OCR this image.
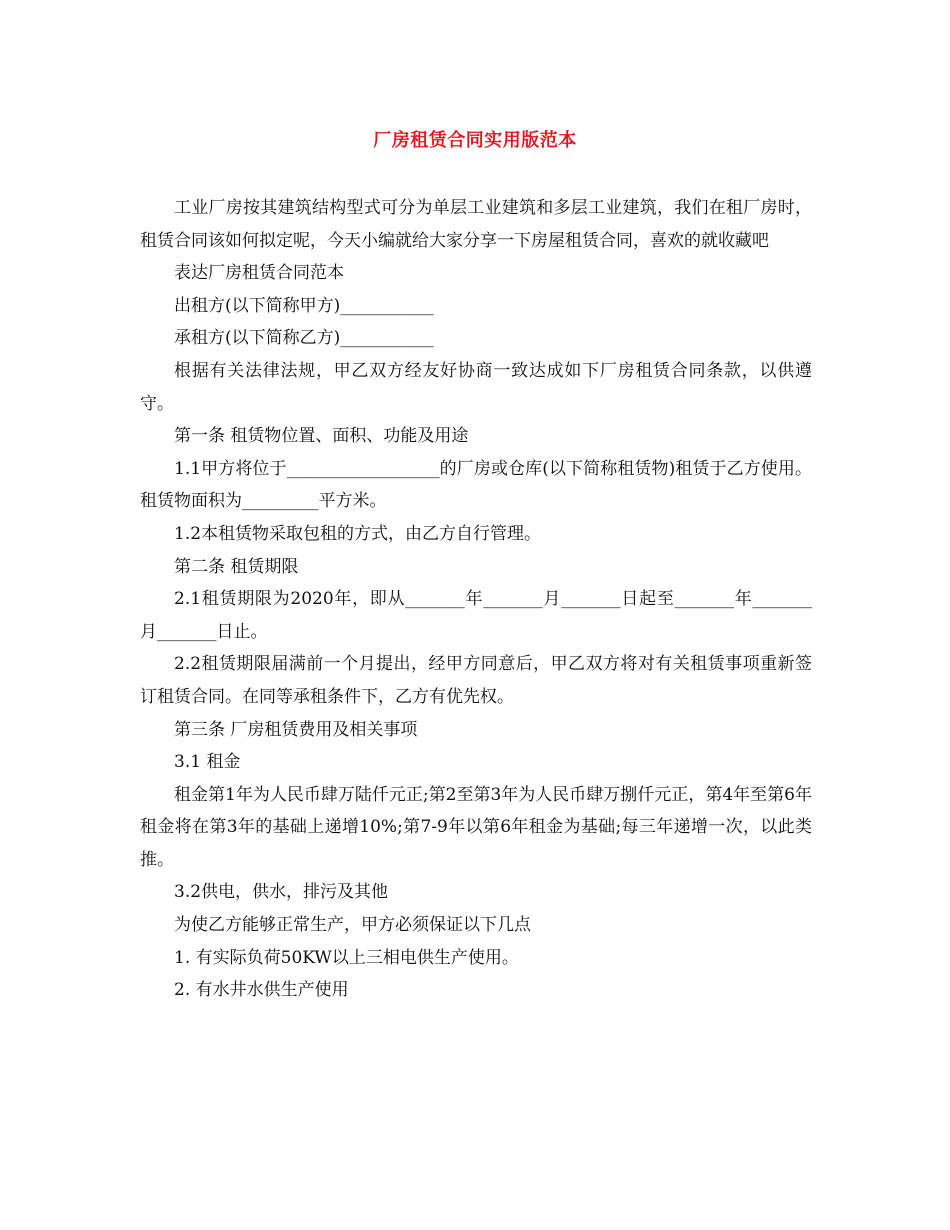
厂房租赁合同实用版范本

工业厂房按其建筑结构型式可分为单层工业建筑和多层工业建筑，我们在租厂房时，租赁合同该如何拟定呢，今天小编就给大家分享一下房屋租赁合同，喜欢的就收藏吧

表达厂房租赁合同范本

出租方(以下简称甲方)___________

承租方(以下简称乙方)___________

根据有关法律法规，甲乙双方经友好协商一致达成如下厂房租赁合同条款，以供遵守。

第一条 租赁物位置、面积、功能及用途

1.1甲方将位于__________________的厂房或仓库(以下简称租赁物)租赁于乙方使用。租赁物面积为_________平方米。

1.2本租赁物采取包租的方式，由乙方自行管理。

第二条 租赁期限

2.1租赁期限为2020年，即从_______年_______月_______日起至_______年_______月_______日止。

2.2租赁期限届满前一个月提出，经甲方同意后，甲乙双方将对有关租赁事项重新签订租赁合同。在同等承租条件下，乙方有优先权。

第三条 厂房租赁费用及相关事项

3.1 租金

租金第1年为人民币肆万陆仟元正;第2至第3年为人民币肆万捌仟元正，第4年至第6年租金将在第3年的基础上递增10%;第7-9年以第6年租金为基础;每三年递增一次，以此类推。

3.2供电，供水，排污及其他

为使乙方能够正常生产，甲方必须保证以下几点

1. 有实际负荷50KW以上三相电供生产使用。

2. 有水井水供生产使用
